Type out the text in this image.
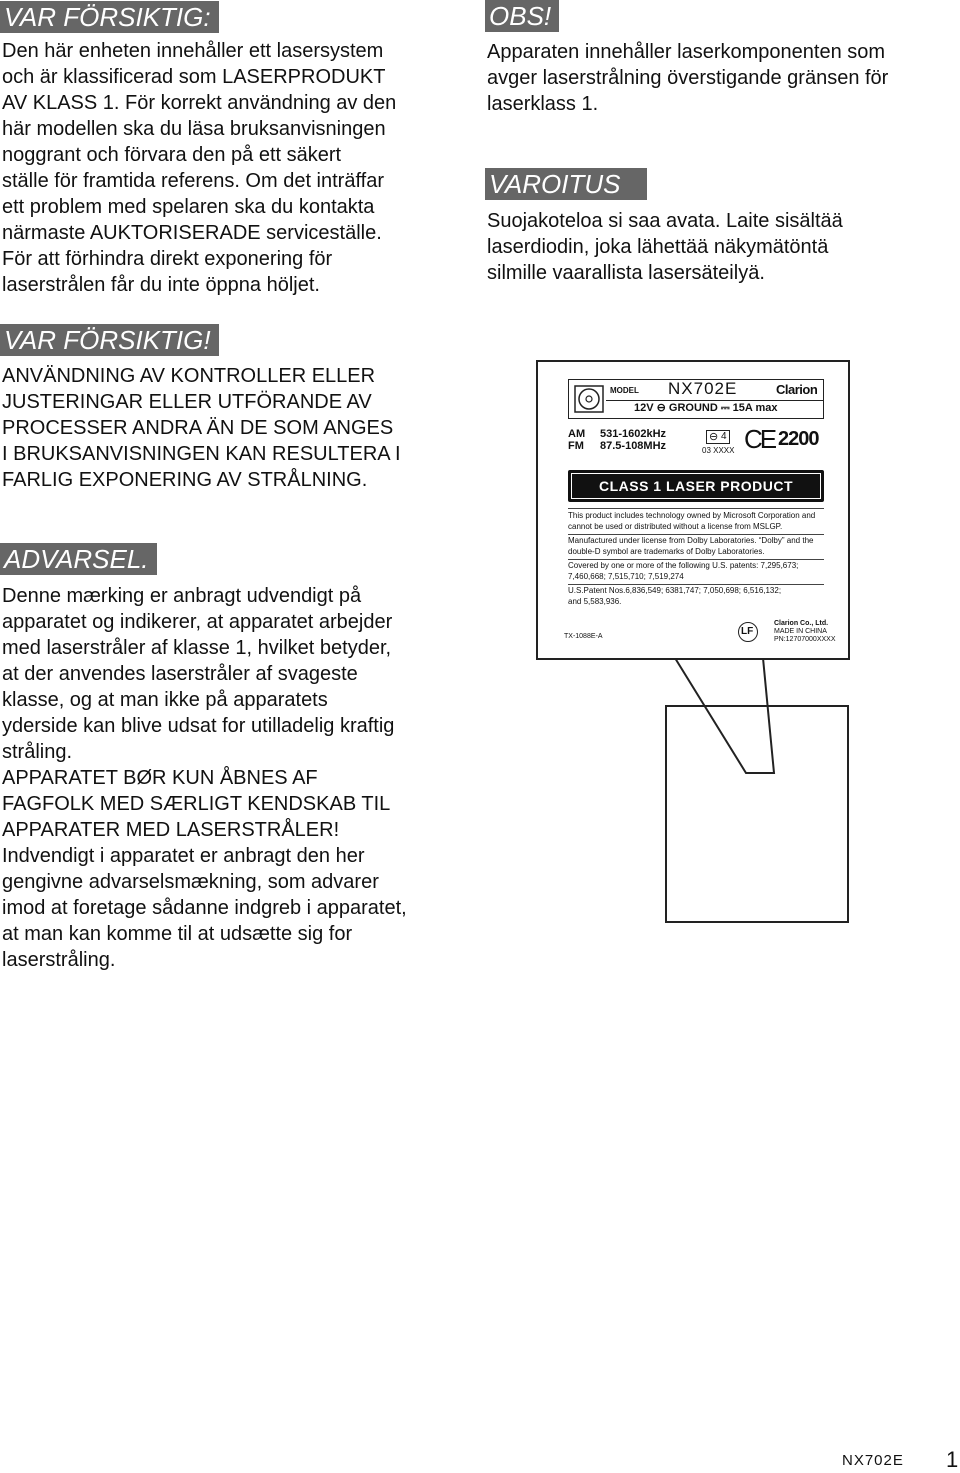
VAR FÖRSIKTIG:
Den här enheten innehåller ett lasersystem
och är klassificerad som LASERPRODUKT
AV KLASS 1. För korrekt användning av den
här modellen ska du läsa bruksanvisningen
noggrant och förvara den på ett säkert
ställe för framtida referens. Om det inträffar
ett problem med spelaren ska du kontakta
närmaste AUKTORISERADE serviceställe.
För att förhindra direkt exponering för
laserstrålen får du inte öppna höljet.
VAR FÖRSIKTIG!
ANVÄNDNING AV KONTROLLER ELLER
JUSTERINGAR ELLER UTFÖRANDE AV
PROCESSER ANDRA ÄN DE SOM ANGES
I BRUKSANVISNINGEN KAN RESULTERA I
FARLIG EXPONERING AV STRÅLNING.
ADVARSEL.
Denne mærking er anbragt udvendigt på
apparatet og indikerer, at apparatet arbejder
med laserstråler af klasse 1, hvilket betyder,
at der anvendes laserstråler af svageste
klasse, og at man ikke på apparatets
yderside kan blive udsat for utilladelig kraftig
stråling.
APPARATET BØR KUN ÅBNES AF
FAGFOLK MED SÆRLIGT KENDSKAB TIL
APPARATER MED LASERSTRÅLER!
Indvendigt i apparatet er anbragt den her
gengivne advarselsmækning, som advarer
imod at foretage sådanne indgreb i apparatet,
at man kan komme til at udsætte sig for
laserstråling.
OBS!
Apparaten innehåller laserkomponenten som
avger laserstrålning överstigande gränsen för
laserklass 1.
VAROITUS
Suojakoteloa si saa avata. Laite sisältää
laserdiodin, joka lähettää näkymätöntä
silmille vaarallista lasersäteilyä.
MODEL NX702E	Clarion
12V ⊖ GROUND ⎓ 15A max
AM 531-1602kHz
FM 87.5-108MHz
⊖ 4
03 XXXX CE 2200
CLASS 1 LASER PRODUCT
This product includes technology owned by Microsoft Corporation and
cannot be used or distributed without a license from MSLGP.
Manufactured under license from Dolby Laboratories. “Dolby” and the
double-D symbol are trademarks of Dolby Laboratories.
Covered by one or more of the following U.S. patents: 7,295,673;
7,460,668; 7,515,710; 7,519,274
U.S.Patent Nos.6,836,549; 6381,747; 7,050,698; 6,516,132;
and 5,583,936.
TX-1088E-A	LF
Clarion Co., Ltd.
MADE IN CHINA
PN:12707000XXXX
NX702E 1
